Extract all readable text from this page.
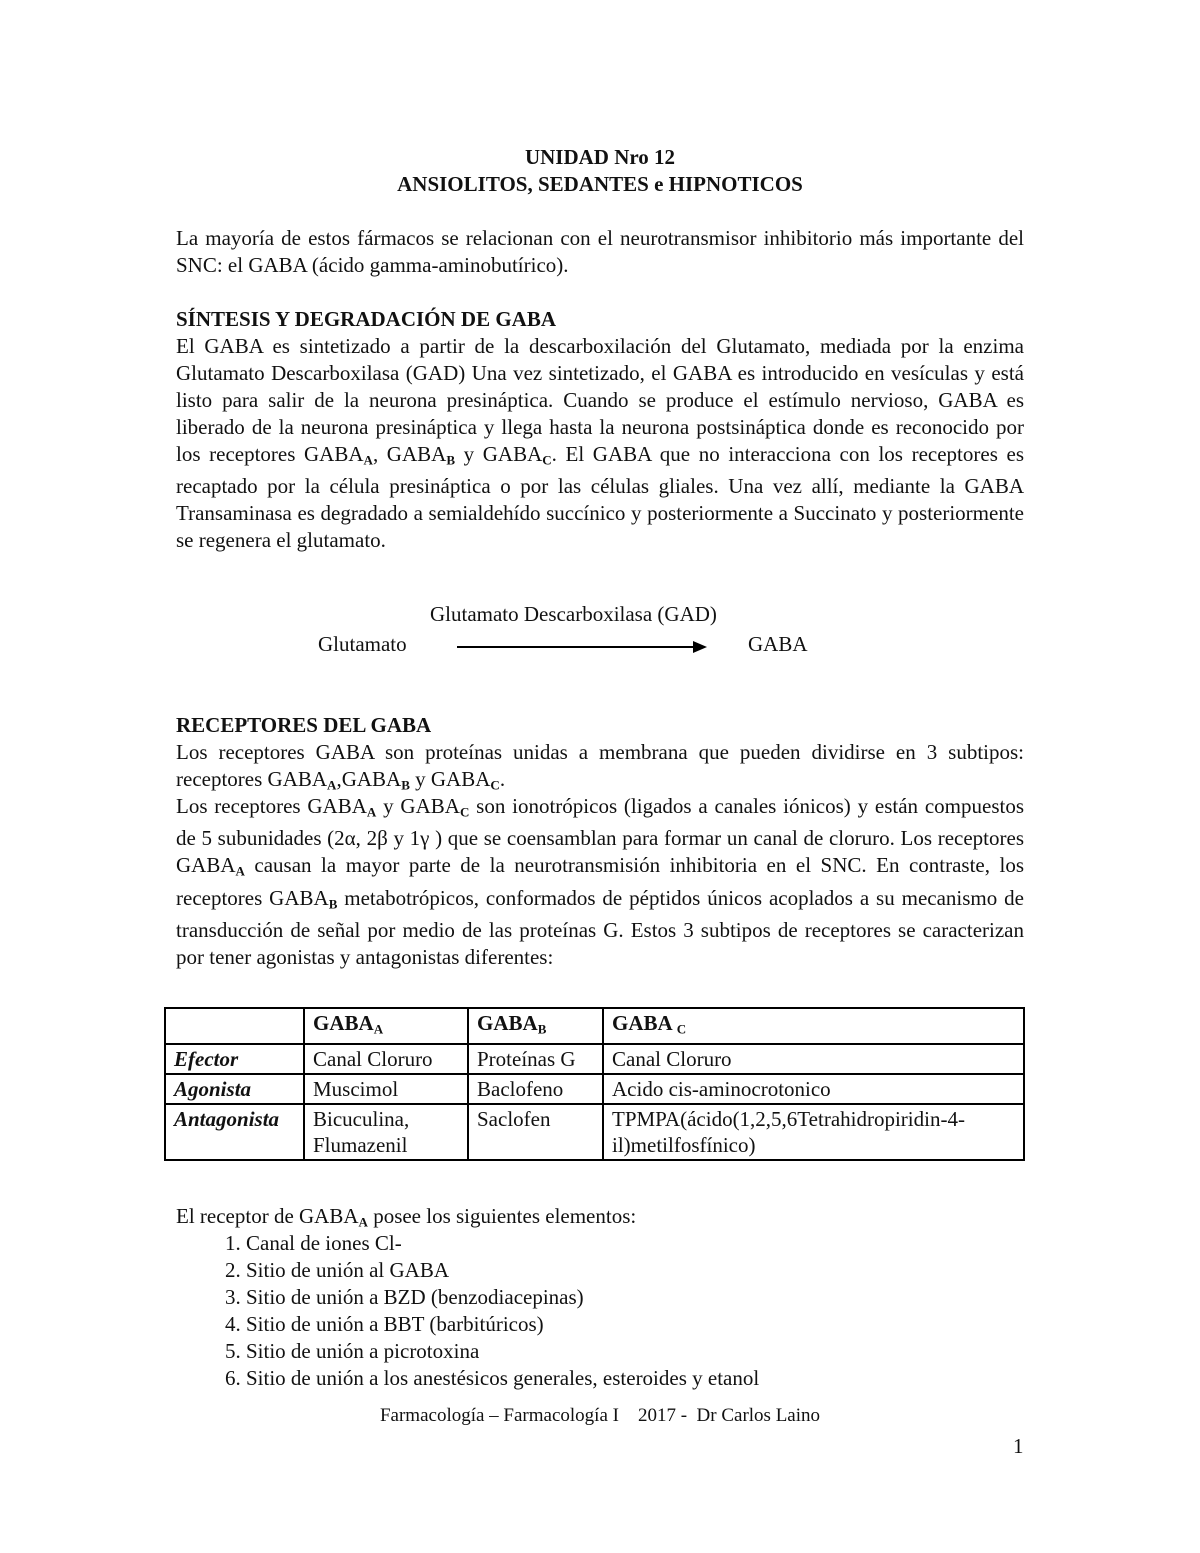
UNIDAD Nro 12
ANSIOLITOS, SEDANTES e HIPNOTICOS

La mayoría de estos fármacos se relacionan con el neurotransmisor inhibitorio más importante del SNC: el GABA (ácido gamma-aminobutírico).

SÍNTESIS Y DEGRADACIÓN DE GABA

El GABA es sintetizado a partir de la descarboxilación del Glutamato, mediada por la enzima Glutamato Descarboxilasa (GAD) Una vez sintetizado, el GABA es introducido en vesículas y está listo para salir de la neurona presináptica. Cuando se produce el estímulo nervioso, GABA es liberado de la neurona presináptica y llega hasta la neurona postsináptica donde es reconocido por los receptores $GABA_A$, $GABA_B$ y $GABA_C$. El GABA que no interacciona con los receptores es recaptado por la célula presináptica o por las células gliales. Una vez allí, mediante la GABA Transaminasa es degradado a semialdehído succínico y posteriormente a Succinato y posteriormente se regenera el glutamato.

Glutamato Descarboxilasa (GAD)
Glutamato	GABA
RECEPTORES DEL GABA

Los receptores GABA son proteínas unidas a membrana que pueden dividirse en 3 subtipos: receptores $GABA_A,GABA_B$ y $GABA_C$.

Los receptores $GABA_A$ y $GABA_C$ son ionotrópicos (ligados a canales iónicos) y están compuestos de 5 subunidades (2α, 2β y 1γ ) que se coensamblan para formar un canal de cloruro. Los receptores $GABA_A$ causan la mayor parte de la neurotransmisión inhibitoria en el SNC. En contraste, los receptores $GABA_B$ metabotrópicos, conformados de péptidos únicos acoplados a su mecanismo de transducción de señal por medio de las proteínas G. Estos 3 subtipos de receptores se caracterizan por tener agonistas y antagonistas diferentes:

	$GABA_A$	$GABA_B$	GABA $_C$
Efector	Canal Cloruro	Proteínas G	Canal Cloruro
Agonista	Muscimol	Baclofeno	Acido cis-aminocrotonico
Antagonista	Bicuculina, Flumazenil	Saclofen	TPMPA(ácido(1,2,5,6Tetrahidropiridin-4-il)metilfosfínico)
El receptor de $GABA_A$ posee los siguientes elementos:
1. Canal de iones Cl-
2. Sitio de unión al GABA
3. Sitio de unión a BZD (benzodiacepinas)
4. Sitio de unión a BBT (barbitúricos)
5. Sitio de unión a picrotoxina
6. Sitio de unión a los anestésicos generales, esteroides y etanol
Farmacología – Farmacología I    2017 -  Dr Carlos Laino
1
